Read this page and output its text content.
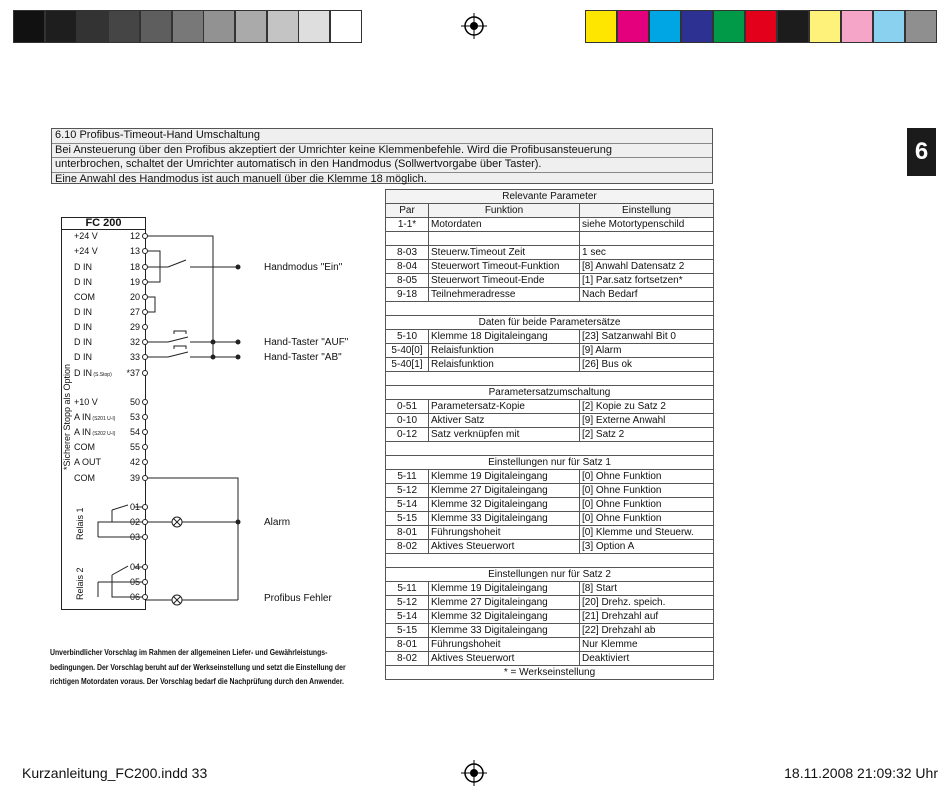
6
6.10 Profibus-Timeout-Hand Umschaltung
Bei Ansteuerung über den Profibus akzeptiert der Umrichter keine Klemmenbefehle. Wird die Profibusansteuerung
unterbrochen, schaltet der Umrichter automatisch in den Handmodus (Sollwertvorgabe über Taster).
Eine Anwahl des Handmodus ist auch manuell über die Klemme 18 möglich.
FC 200
+24 V	12
+24 V	13
D IN	18
D IN	19
COM	20
D IN	27
D IN	29
D IN	32
D IN	33
D IN (S.Stop)	*37
+10 V	50
A IN (S201 U-I)	53
A IN (S202 U-I)	54
COM	55
A OUT	42
COM	39
01
02
03
04
05
06
*Sicherer Stopp als Option
Relais 1
Relais 2
Handmodus "Ein"
Hand-Taster "AUF"
Hand-Taster "AB"
Alarm
Profibus Fehler
Relevante Parameter		
Par	Funktion	Einstellung
1-1*	Motordaten	siehe Motortypenschild

8-03	Steuerw.Timeout Zeit	1 sec
8-04	Steuerwort Timeout-Funktion	[8] Anwahl Datensatz 2
8-05	Steuerwort Timeout-Ende	[1] Par.satz fortsetzen*
9-18	Teilnehmeradresse	Nach Bedarf

Daten für beide Parametersätze		
5-10	Klemme 18 Digitaleingang	[23] Satzanwahl Bit 0
5-40[0]	Relaisfunktion	[9] Alarm
5-40[1]	Relaisfunktion	[26] Bus ok

Parametersatzumschaltung		
0-51	Parametersatz-Kopie	[2] Kopie zu Satz 2
0-10	Aktiver Satz	[9] Externe Anwahl
0-12	Satz verknüpfen mit	[2] Satz 2

Einstellungen nur für Satz 1		
5-11	Klemme 19 Digitaleingang	[0] Ohne Funktion
5-12	Klemme 27 Digitaleingang	[0] Ohne Funktion
5-14	Klemme 32 Digitaleingang	[0] Ohne Funktion
5-15	Klemme 33 Digitaleingang	[0] Ohne Funktion
8-01	Führungshoheit	[0] Klemme und Steuerw.
8-02	Aktives Steuerwort	[3] Option A

Einstellungen nur für Satz 2		
5-11	Klemme 19 Digitaleingang	[8] Start
5-12	Klemme 27 Digitaleingang	[20] Drehz. speich.
5-14	Klemme 32 Digitaleingang	[21] Drehzahl auf
5-15	Klemme 33 Digitaleingang	[22] Drehzahl ab
8-01	Führungshoheit	Nur Klemme
8-02	Aktives Steuerwort	Deaktiviert
* = Werkseinstellung		
Unverbindlicher Vorschlag im Rahmen der allgemeinen Liefer- und Gewährleistungs-
bedingungen. Der Vorschlag beruht auf der Werkseinstellung und setzt die Einstellung der
richtigen Motordaten voraus. Der Vorschlag bedarf die Nachprüfung durch den Anwender.
Kurzanleitung_FC200.indd 33	18.11.2008 21:09:32 Uhr
